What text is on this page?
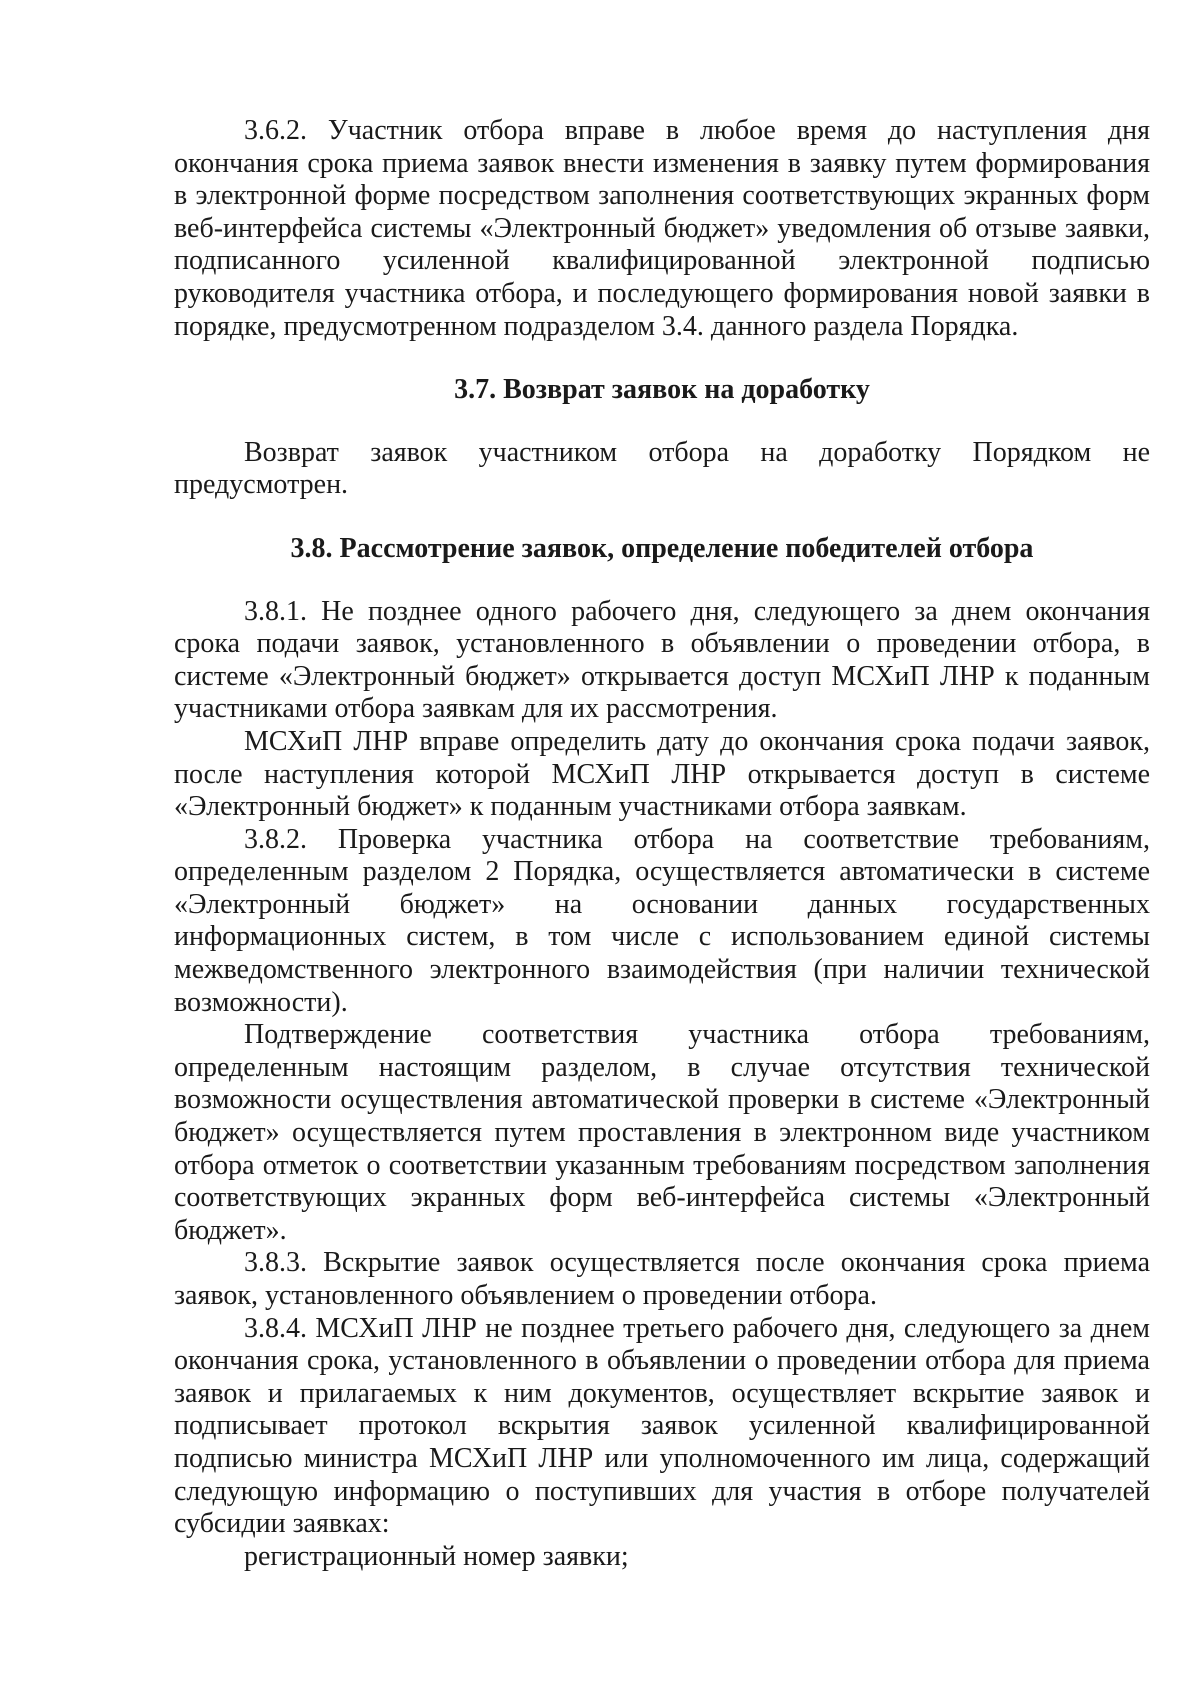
3.6.2. Участник отбора вправе в любое время до наступления дня окончания срока приема заявок внести изменения в заявку путем формирования в электронной форме посредством заполнения соответствующих экранных форм веб-интерфейса системы «Электронный бюджет» уведомления об отзыве заявки, подписанного усиленной квалифицированной электронной подписью руководителя участника отбора, и последующего формирования новой заявки в порядке, предусмотренном подразделом 3.4. данного раздела Порядка.

3.7. Возврат заявок на доработку

Возврат заявок участником отбора на доработку Порядком не предусмотрен.

3.8. Рассмотрение заявок, определение победителей отбора

3.8.1. Не позднее одного рабочего дня, следующего за днем окончания срока подачи заявок, установленного в объявлении о проведении отбора, в системе «Электронный бюджет» открывается доступ МСХиП ЛНР к поданным участниками отбора заявкам для их рассмотрения.

МСХиП ЛНР вправе определить дату до окончания срока подачи заявок, после наступления которой МСХиП ЛНР открывается доступ в системе «Электронный бюджет» к поданным участниками отбора заявкам.

3.8.2. Проверка участника отбора на соответствие требованиям, определенным разделом 2 Порядка, осуществляется автоматически в системе «Электронный бюджет» на основании данных государственных информационных систем, в том числе с использованием единой системы межведомственного электронного взаимодействия (при наличии технической возможности).

Подтверждение соответствия участника отбора требованиям, определенным настоящим разделом, в случае отсутствия технической возможности осуществления автоматической проверки в системе «Электронный бюджет» осуществляется путем проставления в электронном виде участником отбора отметок о соответствии указанным требованиям посредством заполнения соответствующих экранных форм веб-интерфейса системы «Электронный бюджет».

3.8.3. Вскрытие заявок осуществляется после окончания срока приема заявок, установленного объявлением о проведении отбора.

3.8.4. МСХиП ЛНР не позднее третьего рабочего дня, следующего за днем окончания срока, установленного в объявлении о проведении отбора для приема заявок и прилагаемых к ним документов, осуществляет вскрытие заявок и подписывает протокол вскрытия заявок усиленной квалифицированной подписью министра МСХиП ЛНР или уполномоченного им лица, содержащий следующую информацию о поступивших для участия в отборе получателей субсидии заявках:

регистрационный номер заявки;
